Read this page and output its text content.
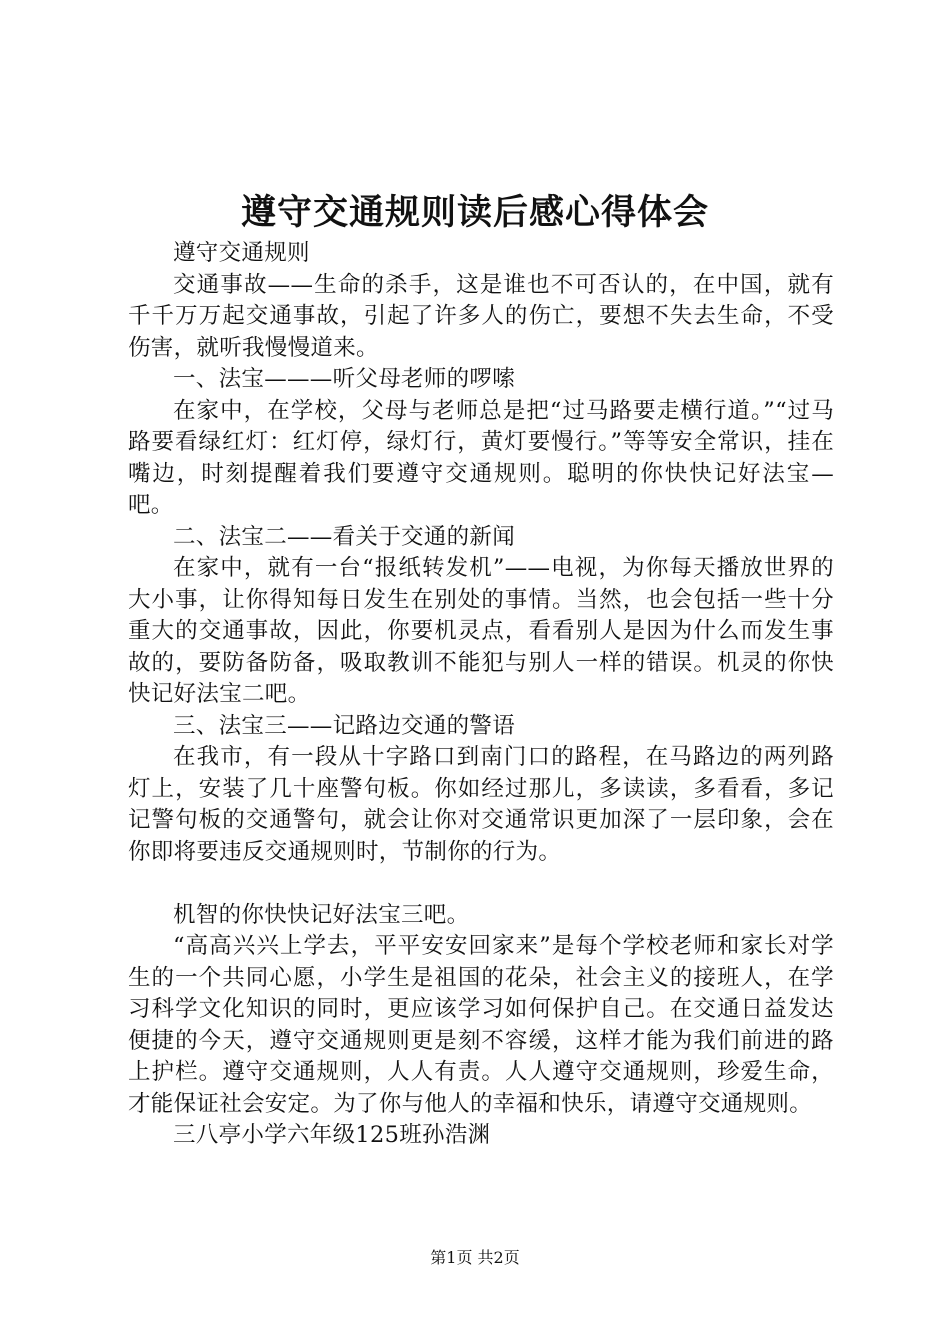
遵守交通规则读后感心得体会

遵守交通规则

交通事故——生命的杀手，这是谁也不可否认的，在中国，就有千千万万起交通事故，引起了许多人的伤亡，要想不失去生命，不受伤害，就听我慢慢道来。

一、法宝———听父母老师的啰嗦

在家中，在学校，父母与老师总是把“过马路要走横行道。”“过马路要看绿红灯：红灯停，绿灯行，黄灯要慢行。”等等安全常识，挂在嘴边，时刻提醒着我们要遵守交通规则。聪明的你快快记好法宝—吧。

二、法宝二——看关于交通的新闻

在家中，就有一台“报纸转发机”——电视，为你每天播放世界的大小事，让你得知每日发生在别处的事情。当然，也会包括一些十分重大的交通事故，因此，你要机灵点，看看别人是因为什么而发生事故的，要防备防备，吸取教训不能犯与别人一样的错误。机灵的你快快记好法宝二吧。

三、法宝三——记路边交通的警语

在我市，有一段从十字路口到南门口的路程，在马路边的两列路灯上，安装了几十座警句板。你如经过那儿，多读读，多看看，多记记警句板的交通警句，就会让你对交通常识更加深了一层印象，会在你即将要违反交通规则时，节制你的行为。

机智的你快快记好法宝三吧。

“高高兴兴上学去，平平安安回家来”是每个学校老师和家长对学生的一个共同心愿，小学生是祖国的花朵，社会主义的接班人，在学习科学文化知识的同时，更应该学习如何保护自己。在交通日益发达便捷的今天，遵守交通规则更是刻不容缓，这样才能为我们前进的路上护栏。遵守交通规则，人人有责。人人遵守交通规则，珍爱生命，才能保证社会安定。为了你与他人的幸福和快乐，请遵守交通规则。

三八亭小学六年级125班孙浩渊

第1页 共2页
